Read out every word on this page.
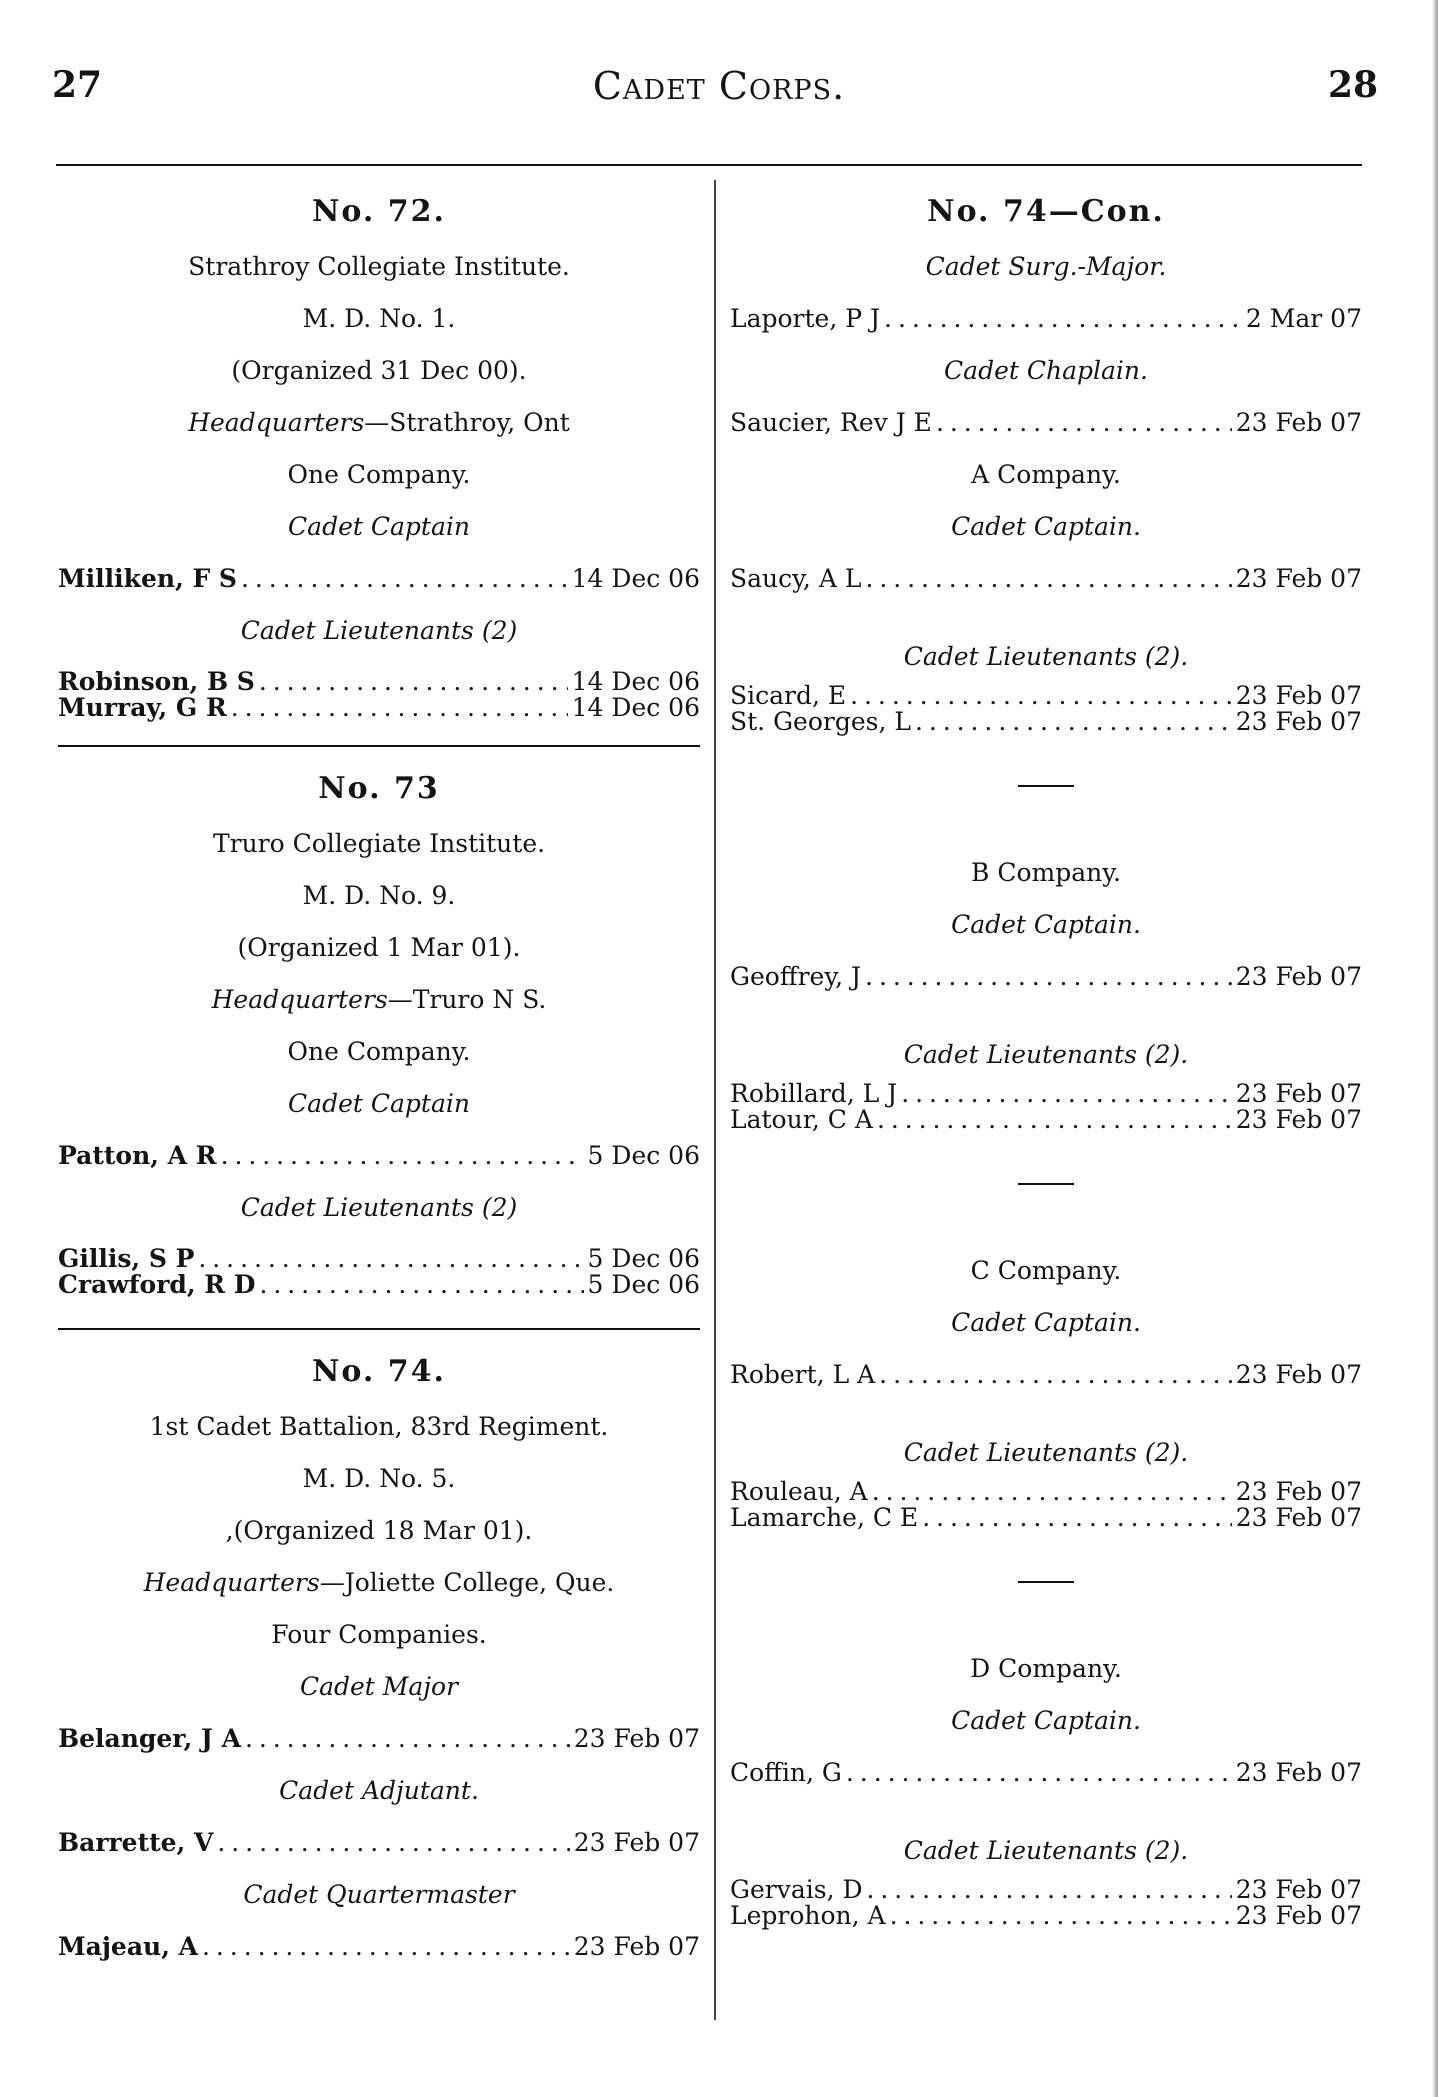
27	Cadet Corps.	28
No. 72.
Strathroy Collegiate Institute.
M. D. No. 1.
(Organized 31 Dec 00).
Headquarters—Strathroy, Ont
One Company.
Cadet Captain
Milliken, F S . . .	14 Dec 06
Cadet Lieutenants (2)
Robinson, B S . . .	14 Dec 06
Murray, G R . . .	14 Dec 06
No. 73
Truro Collegiate Institute.
M. D. No. 9.
(Organized 1 Mar 01).
Headquarters—Truro N S.
One Company.
Cadet Captain
Patton, A R . . .	5 Dec 06
Cadet Lieutenants (2)
Gillis, S P . . .	5 Dec 06
Crawford, R D . . .	5 Dec 06
No. 74.
1st Cadet Battalion, 83rd Regiment.
M. D. No. 5.
,(Organized 18 Mar 01).
Headquarters—Joliette College, Que.
Four Companies.
Cadet Major
Belanger, J A . . .	23 Feb 07
Cadet Adjutant.
Barrette, V . . .	23 Feb 07
Cadet Quartermaster
Majeau, A . . .	23 Feb 07
No. 74—Con.
Cadet Surg.-Major.
Laporte, P J . . .	2 Mar 07
Cadet Chaplain.
Saucier, Rev J E . . .	23 Feb 07
A Company.
Cadet Captain.
Saucy, A L . . .	23 Feb 07
Cadet Lieutenants (2).
Sicard, E . . .	23 Feb 07
St. Georges, L . . .	23 Feb 07
B Company.
Cadet Captain.
Geoffrey, J . . .	23 Feb 07
Cadet Lieutenants (2).
Robillard, L J . . .	23 Feb 07
Latour, C A . . .	23 Feb 07
C Company.
Cadet Captain.
Robert, L A . . .	23 Feb 07
Cadet Lieutenants (2).
Rouleau, A . . .	23 Feb 07
Lamarche, C E . . .	23 Feb 07
D Company.
Cadet Captain.
Coffin, G . . .	23 Feb 07
Cadet Lieutenants (2).
Gervais, D . . .	23 Feb 07
Leprohon, A . . .	23 Feb 07
